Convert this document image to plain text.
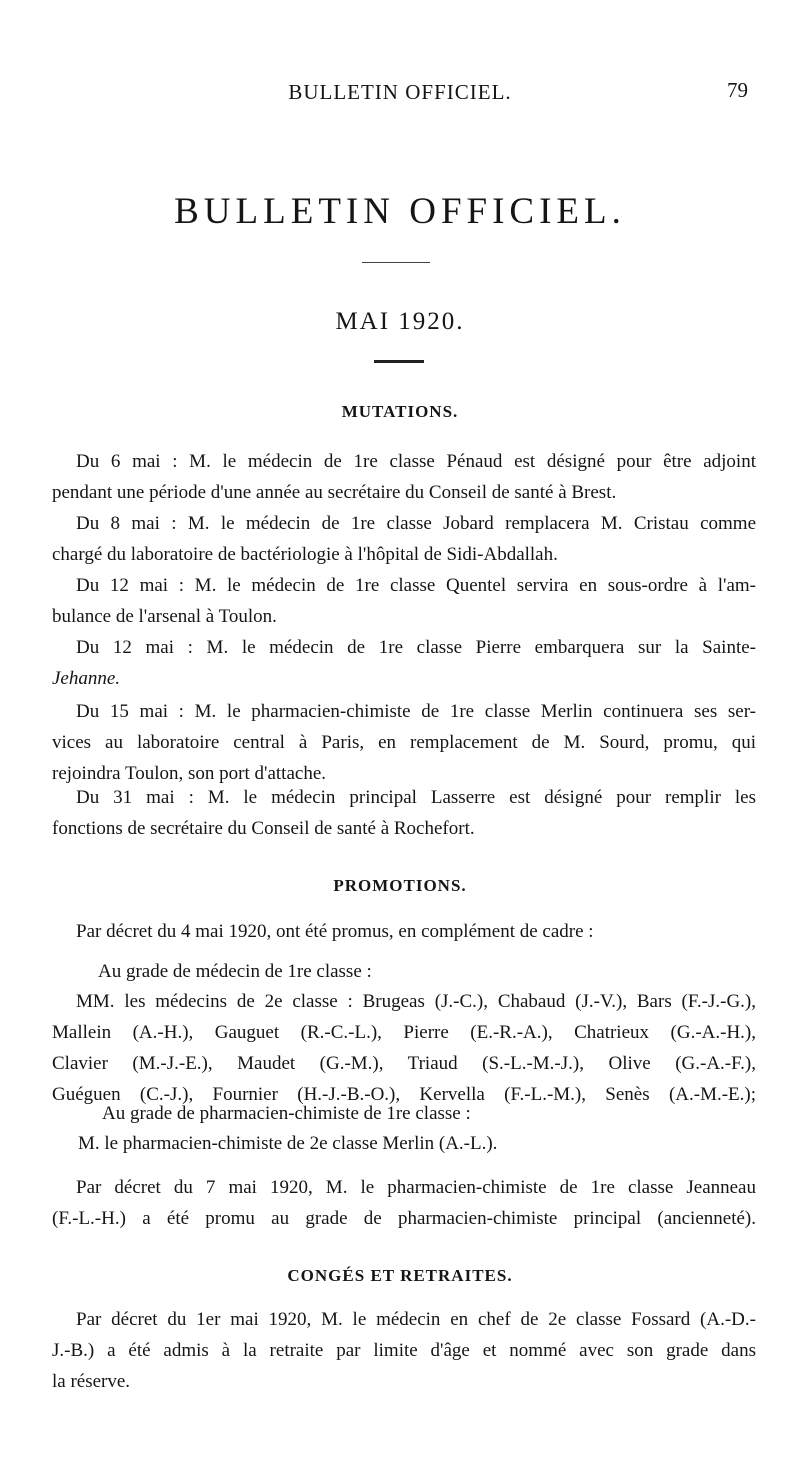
BULLETIN OFFICIEL.	79
BULLETIN OFFICIEL.
MAI 1920.
MUTATIONS.
Du 6 mai : M. le médecin de 1re classe Pénaud est désigné pour être adjoint
pendant une période d'une année au secrétaire du Conseil de santé à Brest.
Du 8 mai : M. le médecin de 1re classe Jobard remplacera M. Cristau comme
chargé du laboratoire de bactériologie à l'hôpital de Sidi-Abdallah.
Du 12 mai : M. le médecin de 1re classe Quentel servira en sous-ordre à l'am-
bulance de l'arsenal à Toulon.
Du 12 mai : M. le médecin de 1re classe Pierre embarquera sur la Sainte-
Jehanne.
Du 15 mai : M. le pharmacien-chimiste de 1re classe Merlin continuera ses ser-
vices au laboratoire central à Paris, en remplacement de M. Sourd, promu, qui
rejoindra Toulon, son port d'attache.
Du 31 mai : M. le médecin principal Lasserre est désigné pour remplir les
fonctions de secrétaire du Conseil de santé à Rochefort.
PROMOTIONS.
Par décret du 4 mai 1920, ont été promus, en complément de cadre :
Au grade de médecin de 1re classe :
MM. les médecins de 2e classe : Brugeas (J.-C.), Chabaud (J.-V.), Bars (F.-J.-G.),
Mallein (A.-H.), Gauguet (R.-C.-L.), Pierre (E.-R.-A.), Chatrieux (G.-A.-H.),
Clavier (M.-J.-E.), Maudet (G.-M.), Triaud (S.-L.-M.-J.), Olive (G.-A.-F.),
Guéguen (C.-J.), Fournier (H.-J.-B.-O.), Kervella (F.-L.-M.), Senès (A.-M.-E.);
Au grade de pharmacien-chimiste de 1re classe :
M. le pharmacien-chimiste de 2e classe Merlin (A.-L.).
Par décret du 7 mai 1920, M. le pharmacien-chimiste de 1re classe Jeanneau
(F.-L.-H.) a été promu au grade de pharmacien-chimiste principal (ancienneté).
CONGÉS ET RETRAITES.
Par décret du 1er mai 1920, M. le médecin en chef de 2e classe Fossard (A.-D.-
J.-B.) a été admis à la retraite par limite d'âge et nommé avec son grade dans
la réserve.
